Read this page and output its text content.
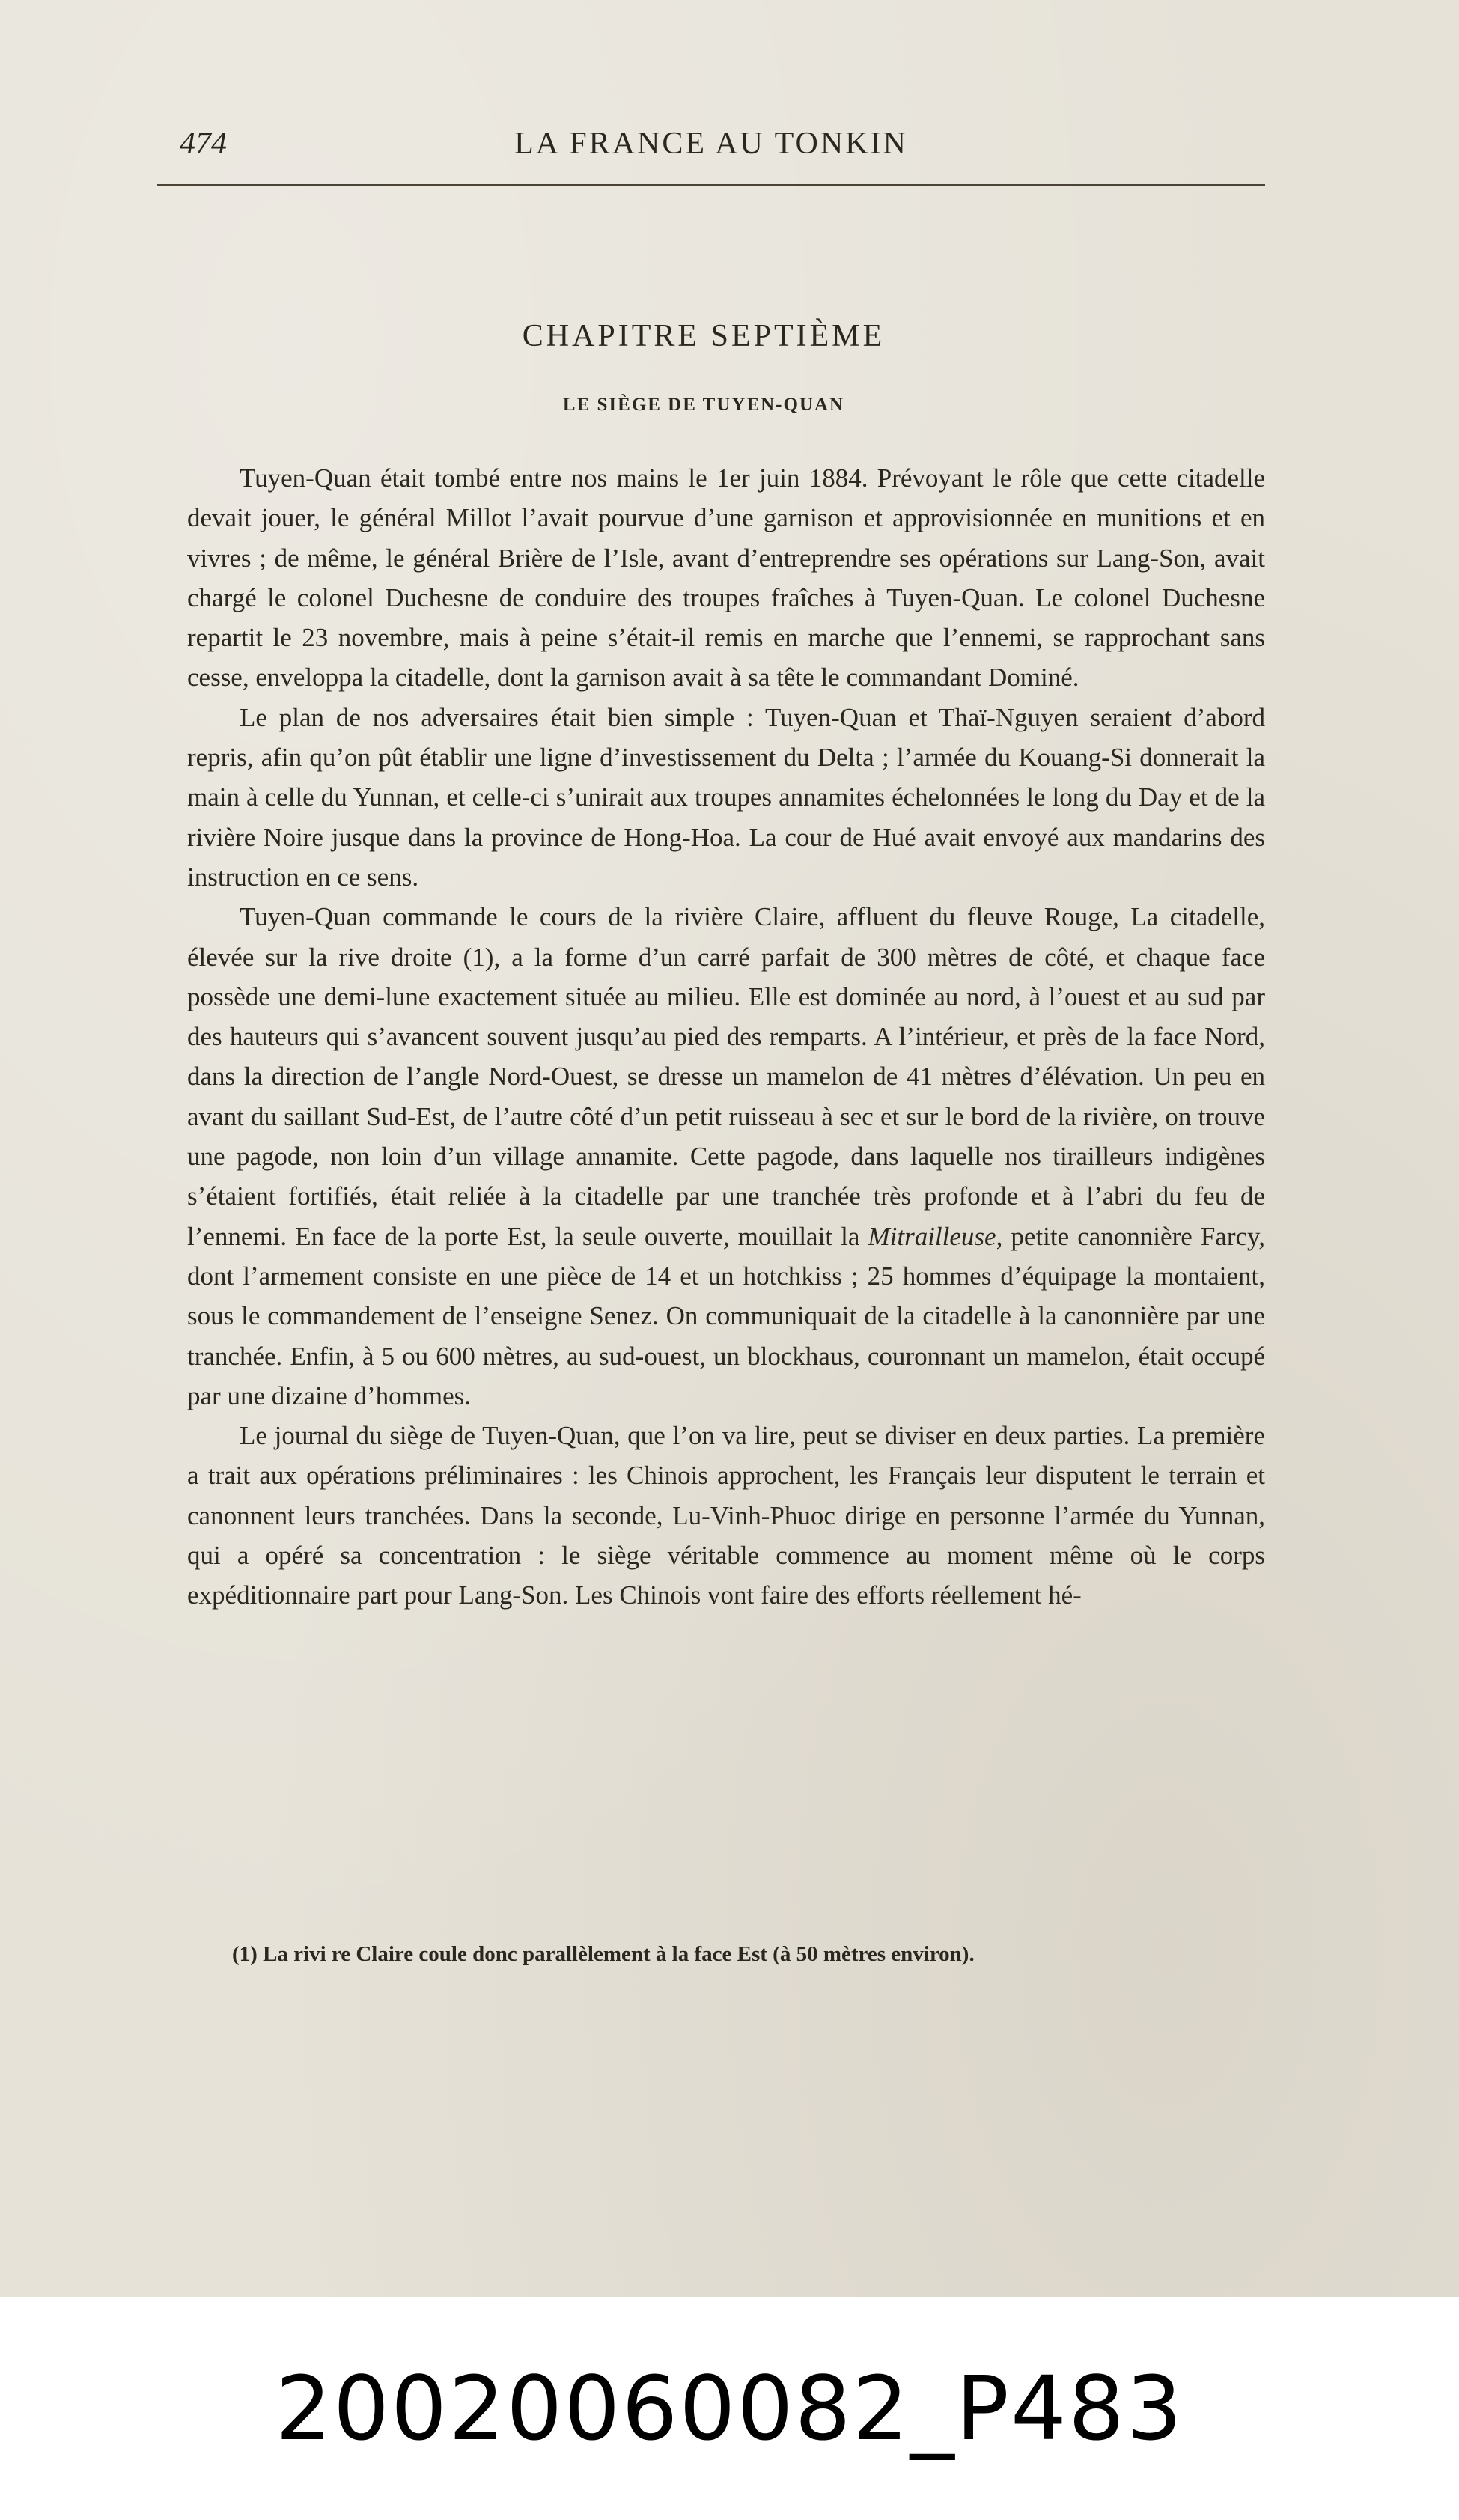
474	LA FRANCE AU TONKIN
CHAPITRE SEPTIÈME
LE SIÈGE DE TUYEN-QUAN

Tuyen-Quan était tombé entre nos mains le 1er juin 1884. Prévoyant le rôle que cette citadelle devait jouer, le général Millot l’avait pourvue d’une garnison et approvisionnée en munitions et en vivres ; de même, le général Brière de l’Isle, avant d’entreprendre ses opérations sur Lang-Son, avait chargé le colonel Duchesne de conduire des troupes fraîches à Tuyen-Quan. Le colonel Duchesne repartit le 23 novembre, mais à peine s’était-il remis en marche que l’ennemi, se rapprochant sans cesse, enveloppa la citadelle, dont la garnison avait à sa tête le commandant Dominé.

Le plan de nos adversaires était bien simple : Tuyen-Quan et Thaï-Nguyen seraient d’abord repris, afin qu’on pût établir une ligne d’investissement du Delta ; l’armée du Kouang-Si donnerait la main à celle du Yunnan, et celle-ci s’unirait aux troupes annamites échelonnées le long du Day et de la rivière Noire jusque dans la province de Hong-Hoa. La cour de Hué avait envoyé aux mandarins des instruction en ce sens.

Tuyen-Quan commande le cours de la rivière Claire, affluent du fleuve Rouge, La citadelle, élevée sur la rive droite (1), a la forme d’un carré parfait de 300 mètres de côté, et chaque face possède une demi-lune exactement située au milieu. Elle est dominée au nord, à l’ouest et au sud par des hauteurs qui s’avancent souvent jusqu’au pied des remparts. A l’intérieur, et près de la face Nord, dans la direction de l’angle Nord-Ouest, se dresse un mamelon de 41 mètres d’élévation. Un peu en avant du saillant Sud-Est, de l’autre côté d’un petit ruisseau à sec et sur le bord de la rivière, on trouve une pagode, non loin d’un village annamite. Cette pagode, dans laquelle nos tirailleurs indigènes s’étaient fortifiés, était reliée à la citadelle par une tranchée très profonde et à l’abri du feu de l’ennemi. En face de la porte Est, la seule ouverte, mouillait la Mitrailleuse, petite canonnière Farcy, dont l’armement consiste en une pièce de 14 et un hotchkiss ; 25 hommes d’équipage la montaient, sous le commandement de l’enseigne Senez. On communiquait de la citadelle à la canonnière par une tranchée. Enfin, à 5 ou 600 mètres, au sud-ouest, un blockhaus, couronnant un mamelon, était occupé par une dizaine d’hommes.

Le journal du siège de Tuyen-Quan, que l’on va lire, peut se diviser en deux parties. La première a trait aux opérations préliminaires : les Chinois approchent, les Français leur disputent le terrain et canonnent leurs tranchées. Dans la seconde, Lu-Vinh-Phuoc dirige en personne l’armée du Yunnan, qui a opéré sa concentration : le siège véritable commence au moment même où le corps expéditionnaire part pour Lang-Son. Les Chinois vont faire des efforts réellement hé-

(1) La rivi re Claire coule donc parallèlement à la face Est (à 50 mètres environ).
20020060082_P483
